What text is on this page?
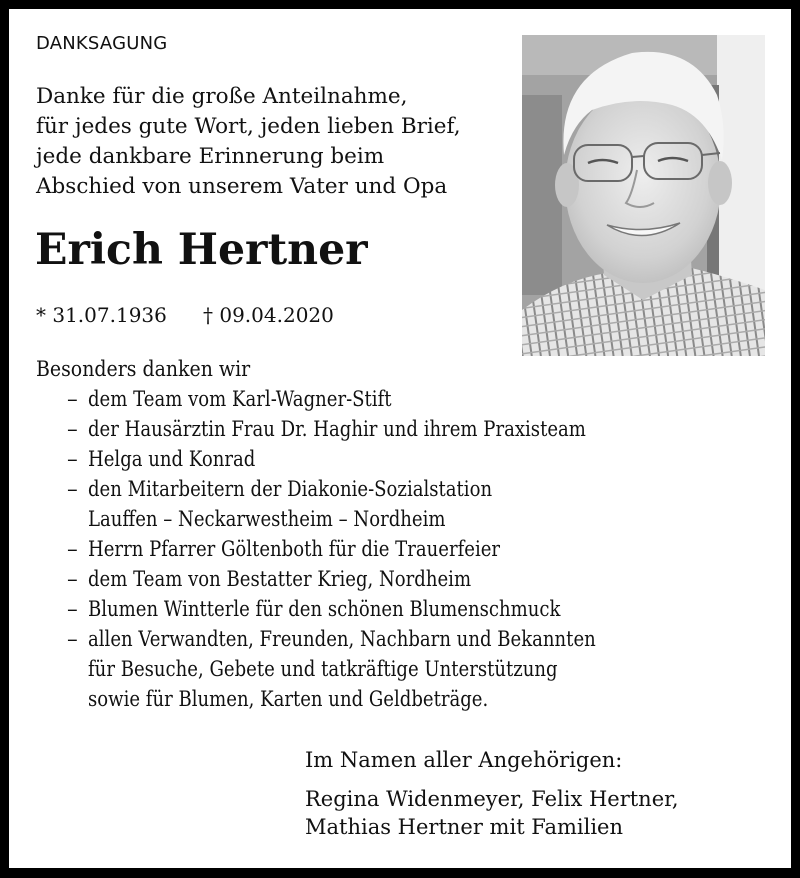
DANKSAGUNG
Danke für die große Anteilnahme,
für jedes gute Wort, jeden lieben Brief,
jede dankbare Erinnerung beim
Abschied von unserem Vater und Opa
Erich Hertner
* 31.07.1936 † 09.04.2020
Besonders danken wir
– dem Team vom Karl-Wagner-Stift
– der Hausärztin Frau Dr. Haghir und ihrem Praxisteam
– Helga und Konrad
– den Mitarbeitern der Diakonie-Sozialstation
Lauffen – Neckarwestheim – Nordheim
– Herrn Pfarrer Göltenboth für die Trauerfeier
– dem Team von Bestatter Krieg, Nordheim
– Blumen Wintterle für den schönen Blumenschmuck
– allen Verwandten, Freunden, Nachbarn und Bekannten
für Besuche, Gebete und tatkräftige Unterstützung
sowie für Blumen, Karten und Geldbeträge.
Im Namen aller Angehörigen:
Regina Widenmeyer, Felix Hertner,
Mathias Hertner mit Familien
